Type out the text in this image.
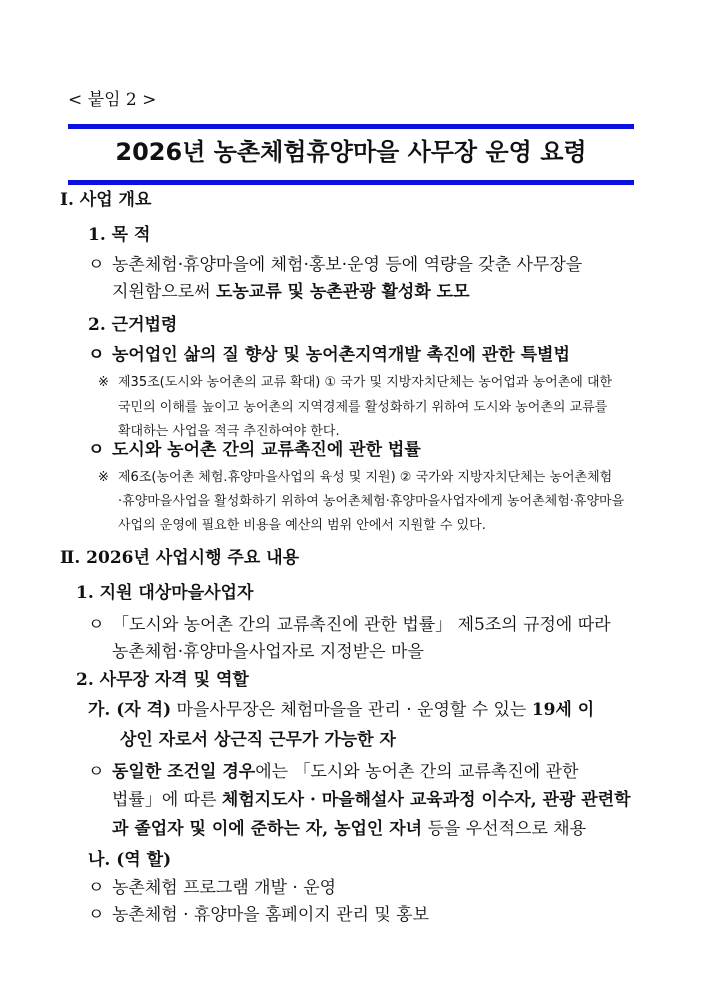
< 붙임 2 >
2026년 농촌체험휴양마을 사무장 운영 요령
Ⅰ. 사업 개요
1. 목 적
ㅇ 농촌체험·휴양마을에 체험·홍보·운영 등에 역량을 갖춘 사무장을
지원함으로써 도농교류 및 농촌관광 활성화 도모
2. 근거법령
ㅇ 농어업인 삶의 질 향상 및 농어촌지역개발 촉진에 관한 특별법
※ 제35조(도시와 농어촌의 교류 확대) ① 국가 및 지방자치단체는 농어업과 농어촌에 대한
국민의 이해를 높이고 농어촌의 지역경제를 활성화하기 위하여 도시와 농어촌의 교류를
확대하는 사업을 적극 추진하여야 한다.
ㅇ 도시와 농어촌 간의 교류촉진에 관한 법률
※ 제6조(농어촌 체험.휴양마을사업의 육성 및 지원) ② 국가와 지방자치단체는 농어촌체험
·휴양마을사업을 활성화하기 위하여 농어촌체험·휴양마을사업자에게 농어촌체험·휴양마을
사업의 운영에 필요한 비용을 예산의 범위 안에서 지원할 수 있다.
Ⅱ. 2026년 사업시행 주요 내용
1. 지원 대상마을사업자
ㅇ 「도시와 농어촌 간의 교류촉진에 관한 법률」 제5조의 규정에 따라
농촌체험·휴양마을사업자로 지정받은 마을
2. 사무장 자격 및 역할
가. (자 격) 마을사무장은 체험마을을 관리 · 운영할 수 있는 19세 이
상인 자로서 상근직 근무가 가능한 자
ㅇ 동일한 조건일 경우에는 「도시와 농어촌 간의 교류촉진에 관한
법률」에 따른 체험지도사 · 마을해설사 교육과정 이수자, 관광 관련학
과 졸업자 및 이에 준하는 자, 농업인 자녀 등을 우선적으로 채용
나. (역 할)
ㅇ 농촌체험 프로그램 개발 · 운영
ㅇ 농촌체험 · 휴양마을 홈페이지 관리 및 홍보
